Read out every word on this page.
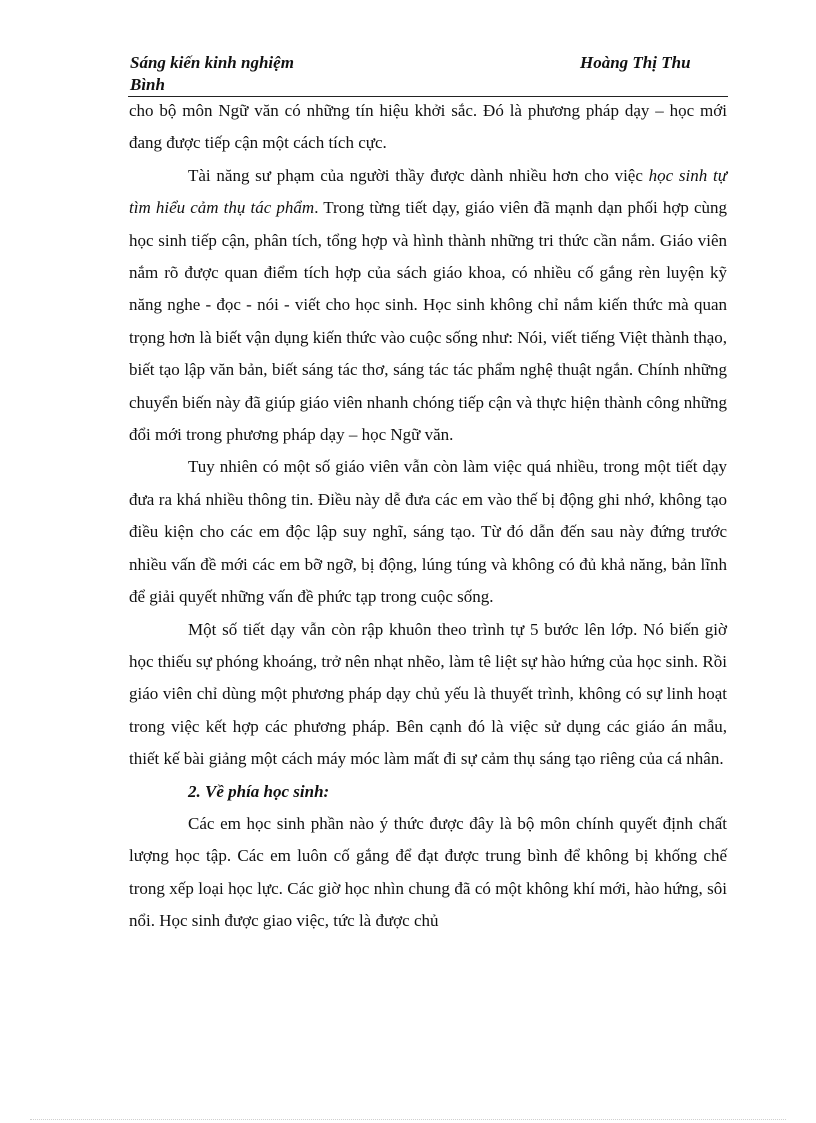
Sáng kiến kinh nghiệm	Hoàng Thị Thu
Bình

cho bộ môn Ngữ văn có những tín hiệu khởi sắc. Đó là phương pháp dạy – học mới đang được tiếp cận một cách tích cực.

Tài năng sư phạm của người thầy được dành nhiều hơn cho việc học sinh tự tìm hiểu cảm thụ tác phẩm. Trong từng tiết dạy, giáo viên đã mạnh dạn phối hợp cùng học sinh tiếp cận, phân tích, tổng hợp và hình thành những tri thức cần nắm. Giáo viên nắm rõ được quan điểm tích hợp của sách giáo khoa, có nhiều cố gắng rèn luyện kỹ năng nghe - đọc - nói - viết cho học sinh. Học sinh không chỉ nắm kiến thức mà quan trọng hơn là biết vận dụng kiến thức vào cuộc sống như: Nói, viết tiếng Việt thành thạo, biết tạo lập văn bản, biết sáng tác thơ, sáng tác tác phẩm nghệ thuật ngắn. Chính những chuyển biến này đã giúp giáo viên nhanh chóng tiếp cận và thực hiện thành công những đổi mới trong phương pháp dạy – học Ngữ văn.

Tuy nhiên có một số giáo viên vẫn còn làm việc quá nhiều, trong một tiết dạy đưa ra khá nhiều thông tin. Điều này dễ đưa các em vào thế bị động ghi nhớ, không tạo điều kiện cho các em độc lập suy nghĩ, sáng tạo. Từ đó dẫn đến sau này đứng trước nhiều vấn đề mới các em bỡ ngỡ, bị động, lúng túng và không có đủ khả năng, bản lĩnh để giải quyết những vấn đề phức tạp trong cuộc sống.

Một số tiết dạy vẫn còn rập khuôn theo trình tự 5 bước lên lớp. Nó biến giờ học thiếu sự phóng khoáng, trở nên nhạt nhẽo, làm tê liệt sự hào hứng của học sinh. Rồi giáo viên chỉ dùng một phương pháp dạy chủ yếu là thuyết trình, không có sự linh hoạt trong việc kết hợp các phương pháp. Bên cạnh đó là việc sử dụng các giáo án mẫu, thiết kế bài giảng một cách máy móc làm mất đi sự cảm thụ sáng tạo riêng của cá nhân.

2. Về phía học sinh:

Các em học sinh phần nào ý thức được đây là bộ môn chính quyết định chất lượng học tập. Các em luôn cố gắng để đạt được trung bình để không bị khống chế trong xếp loại học lực. Các giờ học nhìn chung đã có một không khí mới, hào hứng, sôi nổi. Học sinh được giao việc, tức là được chủ
